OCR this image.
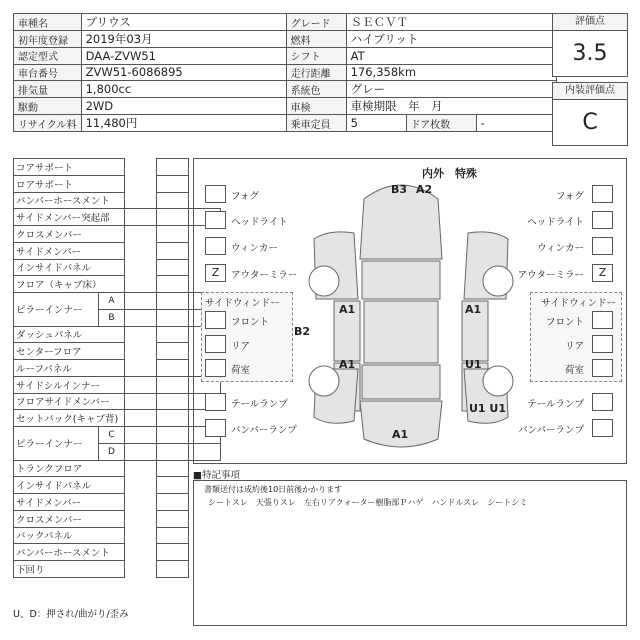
車種名	プリウス	グレード	ＳＥＣＶＴ		
初年度登録	2019年03月	燃料	ハイブリット		
認定型式	DAA-ZVW51	シフト	AT		
車台番号	ZVW51-6086895	走行距離	176,358km		
排気量	1,800cc	系統色	グレー		
駆動	2WD	車検	車検期限　年　月		
リサイクル料	11,480円	乗車定員	5	ドア枚数	-
評価点
3.5
内装評価点
C
コアサポート				
ロアサポート				
バンパーホースメント				
サイドメンバー突起部				
クロスメンバー				
サイドメンバー				
インサイドパネル				
フロア（キャブ床）				
ピラーインナー	A			
	B			
ダッシュパネル				
センターフロア				
ルーフパネル				
サイドシルインナー				
フロアサイドメンバー				
セットバック(キャブ背)				
ピラーインナー	C			
	D			
トランクフロア				
インサイドパネル				
サイドメンバー				
クロスメンバー				
バックパネル				
バンパーホースメント				
下回り				
U、D：押され/曲がり/歪み
内外　特殊
B3 A2
A1
B2
A1
A1
U1
U1 U1
A1
フォグ
ヘッドライト
ウィンカー
Z	アウターミラー
サイドウィンドー
フロント
リア
荷室
テールランプ
バンパーランプ
フォグ
ヘッドライト
ウィンカー
Z
アウターミラー
サイドウィンドー
フロント
リア
荷室
テールランプ
バンパーランプ
■特記事項
書類送付は成約後10日前後かかります
シートスレ　天張りスレ　左右リアクォーター樹脂部Ｐハゲ　ハンドルスレ　シートシミ
